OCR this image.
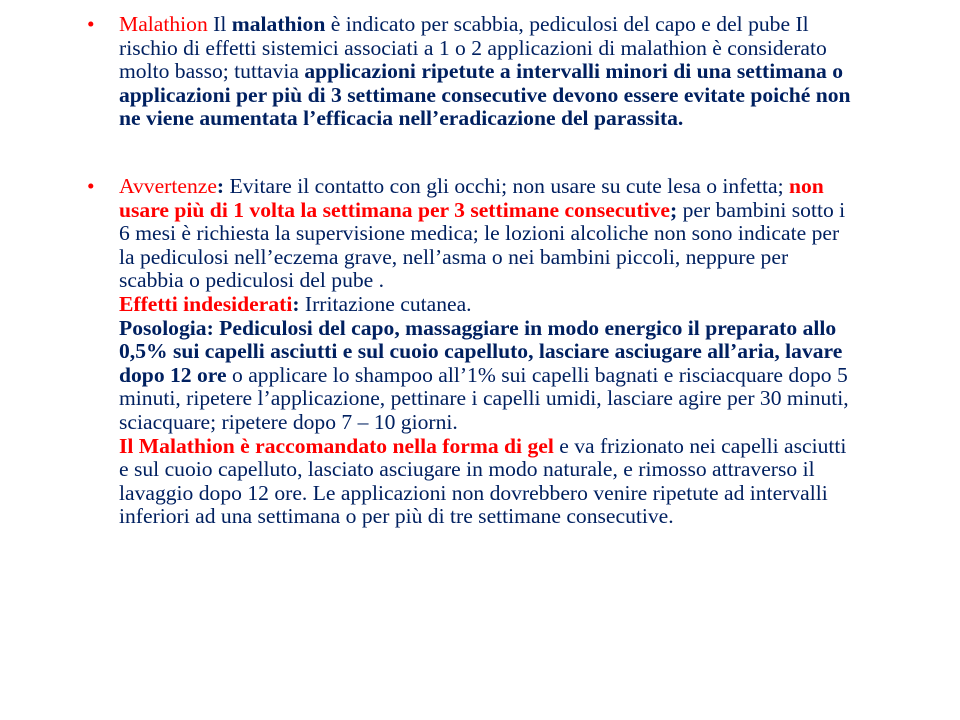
• Malathion Il malathion è indicato per scabbia, pediculosi del capo e del pube Il rischio di effetti sistemici associati a 1 o 2 applicazioni di malathion è considerato molto basso; tuttavia applicazioni ripetute a intervalli minori di una settimana o applicazioni per più di 3 settimane consecutive devono essere evitate poiché non ne viene aumentata l’efficacia nell’eradicazione del parassita.
• Avvertenze: Evitare il contatto con gli occhi; non usare su cute lesa o infetta; non usare più di 1 volta la settimana per 3 settimane consecutive; per bambini sotto i 6 mesi è richiesta la supervisione medica; le lozioni alcoliche non sono indicate per la pediculosi nell’eczema grave, nell’asma o nei bambini piccoli, neppure per scabbia o pediculosi del pube .
Effetti indesiderati: Irritazione cutanea.
Posologia: Pediculosi del capo, massaggiare in modo energico il preparato allo 0,5% sui capelli asciutti e sul cuoio capelluto, lasciare asciugare all’aria, lavare dopo 12 ore o applicare lo shampoo all’1% sui capelli bagnati e risciacquare dopo 5 minuti, ripetere l’applicazione, pettinare i capelli umidi, lasciare agire per 30 minuti, sciacquare; ripetere dopo 7 – 10 giorni.
Il Malathion è raccomandato nella forma di gel e va frizionato nei capelli asciutti e sul cuoio capelluto, lasciato asciugare in modo naturale, e rimosso attraverso il lavaggio dopo 12 ore. Le applicazioni non dovrebbero venire ripetute ad intervalli inferiori ad una settimana o per più di tre settimane consecutive.
